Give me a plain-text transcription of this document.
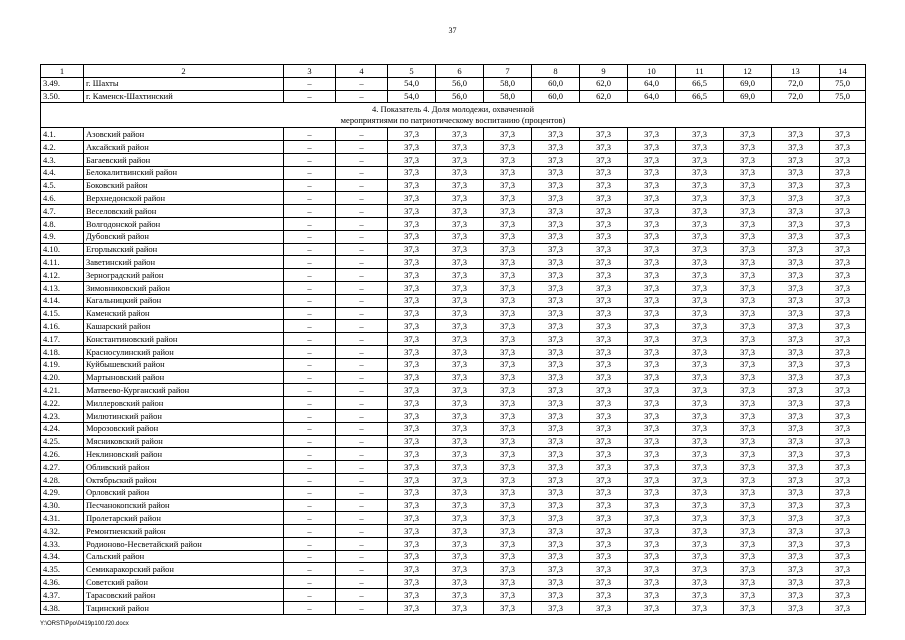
37
1	2	3	4	5	6	7	8	9	10	11	12	13	14
3.49.	г. Шахты	–	–	54,0	56,0	58,0	60,0	62,0	64,0	66,5	69,0	72,0	75,0
3.50.	г. Каменск-Шахтинский	–	–	54,0	56,0	58,0	60,0	62,0	64,0	66,5	69,0	72,0	75,0

4. Показатель 4. Доля молодежи, охваченной
мероприятиями по патриотическому воспитанию (процентов)													

4.1.	Азовский район	–	–	37,3	37,3	37,3	37,3	37,3	37,3	37,3	37,3	37,3	37,3
4.2.	Аксайский район	–	–	37,3	37,3	37,3	37,3	37,3	37,3	37,3	37,3	37,3	37,3
4.3.	Багаевский район	–	–	37,3	37,3	37,3	37,3	37,3	37,3	37,3	37,3	37,3	37,3
4.4.	Белокалитвинский район	–	–	37,3	37,3	37,3	37,3	37,3	37,3	37,3	37,3	37,3	37,3
4.5.	Боковский район	–	–	37,3	37,3	37,3	37,3	37,3	37,3	37,3	37,3	37,3	37,3
4.6.	Верхнедонской район	–	–	37,3	37,3	37,3	37,3	37,3	37,3	37,3	37,3	37,3	37,3
4.7.	Веселовский район	–	–	37,3	37,3	37,3	37,3	37,3	37,3	37,3	37,3	37,3	37,3
4.8.	Волгодонской район	–	–	37,3	37,3	37,3	37,3	37,3	37,3	37,3	37,3	37,3	37,3
4.9.	Дубовский район	–	–	37,3	37,3	37,3	37,3	37,3	37,3	37,3	37,3	37,3	37,3
4.10.	Егорлыкский район	–	–	37,3	37,3	37,3	37,3	37,3	37,3	37,3	37,3	37,3	37,3
4.11.	Заветинский район	–	–	37,3	37,3	37,3	37,3	37,3	37,3	37,3	37,3	37,3	37,3
4.12.	Зерноградский район	–	–	37,3	37,3	37,3	37,3	37,3	37,3	37,3	37,3	37,3	37,3
4.13.	Зимовниковский район	–	–	37,3	37,3	37,3	37,3	37,3	37,3	37,3	37,3	37,3	37,3
4.14.	Кагальницкий район	–	–	37,3	37,3	37,3	37,3	37,3	37,3	37,3	37,3	37,3	37,3
4.15.	Каменский район	–	–	37,3	37,3	37,3	37,3	37,3	37,3	37,3	37,3	37,3	37,3
4.16.	Кашарский район	–	–	37,3	37,3	37,3	37,3	37,3	37,3	37,3	37,3	37,3	37,3
4.17.	Константиновский район	–	–	37,3	37,3	37,3	37,3	37,3	37,3	37,3	37,3	37,3	37,3
4.18.	Красносулинский район	–	–	37,3	37,3	37,3	37,3	37,3	37,3	37,3	37,3	37,3	37,3
4.19.	Куйбышевский район	–	–	37,3	37,3	37,3	37,3	37,3	37,3	37,3	37,3	37,3	37,3
4.20.	Мартыновский район	–	–	37,3	37,3	37,3	37,3	37,3	37,3	37,3	37,3	37,3	37,3
4.21.	Матвеево-Курганский район	–	–	37,3	37,3	37,3	37,3	37,3	37,3	37,3	37,3	37,3	37,3
4.22.	Миллеровский район	–	–	37,3	37,3	37,3	37,3	37,3	37,3	37,3	37,3	37,3	37,3
4.23.	Милютинский район	–	–	37,3	37,3	37,3	37,3	37,3	37,3	37,3	37,3	37,3	37,3
4.24.	Морозовский район	–	–	37,3	37,3	37,3	37,3	37,3	37,3	37,3	37,3	37,3	37,3
4.25.	Мясниковский район	–	–	37,3	37,3	37,3	37,3	37,3	37,3	37,3	37,3	37,3	37,3
4.26.	Неклиновский район	–	–	37,3	37,3	37,3	37,3	37,3	37,3	37,3	37,3	37,3	37,3
4.27.	Обливский район	–	–	37,3	37,3	37,3	37,3	37,3	37,3	37,3	37,3	37,3	37,3
4.28.	Октябрьский район	–	–	37,3	37,3	37,3	37,3	37,3	37,3	37,3	37,3	37,3	37,3
4.29.	Орловский район	–	–	37,3	37,3	37,3	37,3	37,3	37,3	37,3	37,3	37,3	37,3
4.30.	Песчанокопский район	–	–	37,3	37,3	37,3	37,3	37,3	37,3	37,3	37,3	37,3	37,3
4.31.	Пролетарский район	–	–	37,3	37,3	37,3	37,3	37,3	37,3	37,3	37,3	37,3	37,3
4.32.	Ремонтненский район	–	–	37,3	37,3	37,3	37,3	37,3	37,3	37,3	37,3	37,3	37,3
4.33.	Родионово-Несветайский район	–	–	37,3	37,3	37,3	37,3	37,3	37,3	37,3	37,3	37,3	37,3
4.34.	Сальский район	–	–	37,3	37,3	37,3	37,3	37,3	37,3	37,3	37,3	37,3	37,3
4.35.	Семикаракорский район	–	–	37,3	37,3	37,3	37,3	37,3	37,3	37,3	37,3	37,3	37,3
4.36.	Советский район	–	–	37,3	37,3	37,3	37,3	37,3	37,3	37,3	37,3	37,3	37,3
4.37.	Тарасовский район	–	–	37,3	37,3	37,3	37,3	37,3	37,3	37,3	37,3	37,3	37,3
4.38.	Тацинский район	–	–	37,3	37,3	37,3	37,3	37,3	37,3	37,3	37,3	37,3	37,3
Y:\ORST\Ppo\0419p100.f20.docx
